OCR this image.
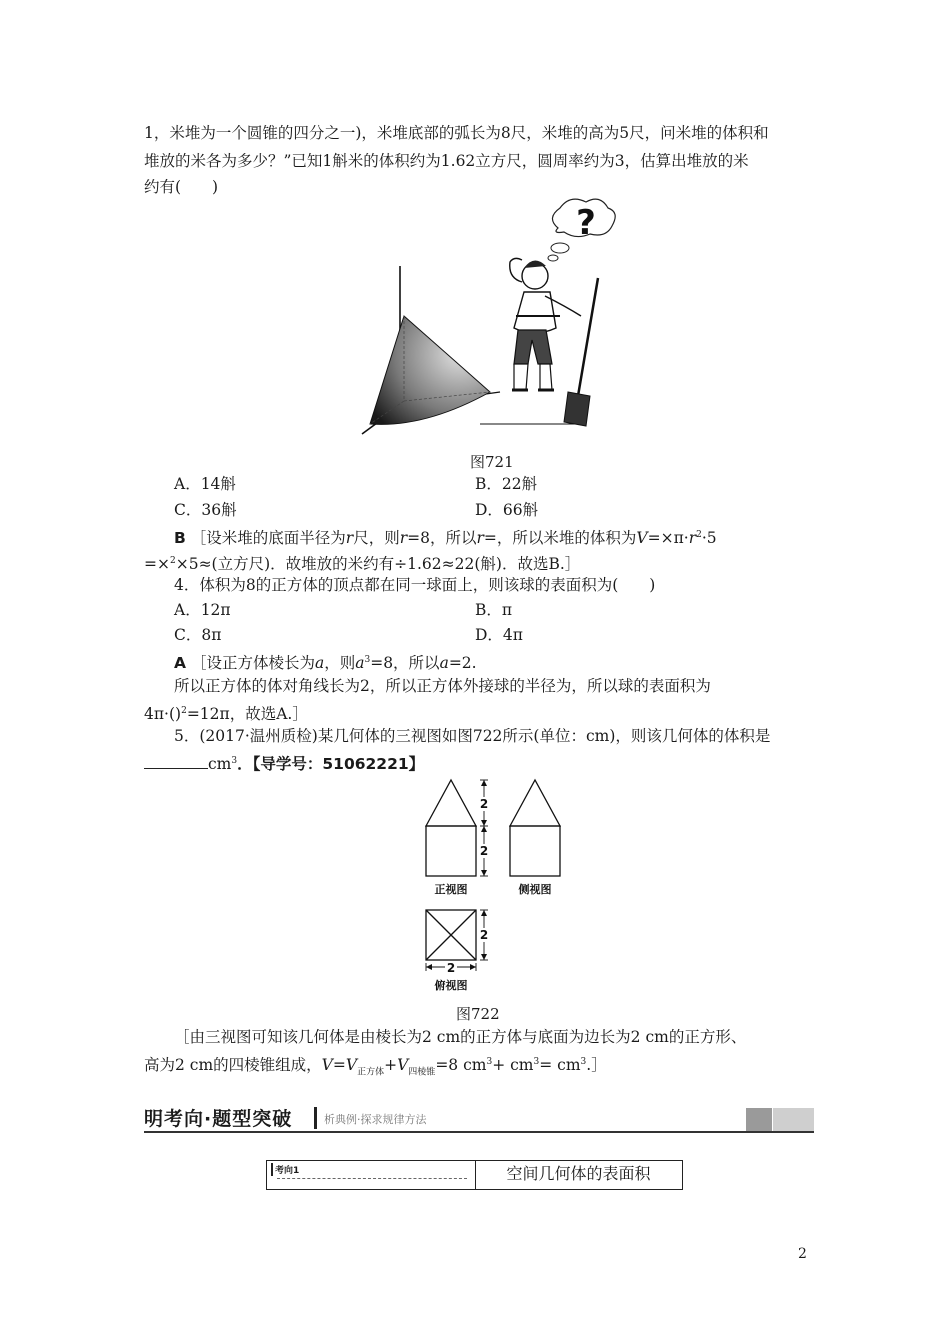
1，米堆为一个圆锥的四分之一)，米堆底部的弧长为8尺，米堆的高为5尺，问米堆的体积和
堆放的米各为多少？”已知1斛米的体积约为1.62立方尺，圆周率约为3，估算出堆放的米
约有(　　)
?
图721
A．14斛	B．22斛
C．36斛	D．66斛
B ［设米堆的底面半径为r尺，则r=8，所以r=，所以米堆的体积为$V=\times\pi\cdot r^2\cdot 5$
=×$^2$×5≈(立方尺)．故堆放的米约有÷1.62≈22(斛)．故选B.］
4．体积为8的正方体的顶点都在同一球面上，则该球的表面积为(　　)
A．12π	B．π
C．8π	D．4π
A ［设正方体棱长为a，则$a^3=8$，所以a=2.
所以正方体的体对角线长为2，所以正方体外接球的半径为，所以球的表面积为
4π·()$^2$=12π，故选A.］
5．(2017·温州质检)某几何体的三视图如图722所示(单位：cm)，则该几何体的体积是
$cm^3$．【导学号：51062221】
2
2
2
2
正视图	侧视图
俯视图
图722
［由三视图可知该几何体是由棱长为2 cm的正方体与底面为边长为2 cm的正方形、
高为2 cm的四棱锥组成，$V=V_{正方体}+V_{四棱锥}=8$ $cm^3+ cm^3=$ $cm^3.]$
明考向·题型突破	析典例·探求规律方法
考向1	空间几何体的表面积
2
